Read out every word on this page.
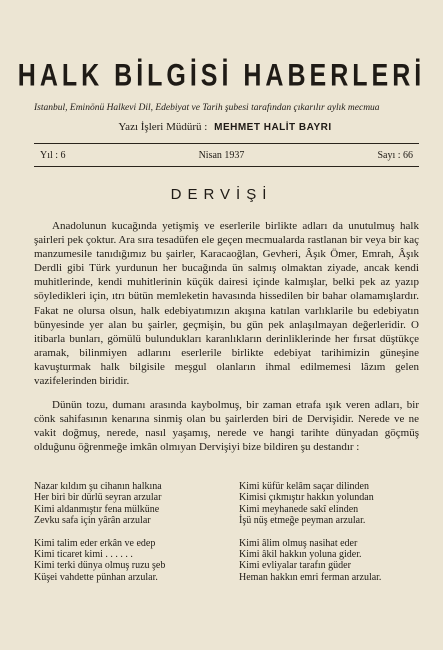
HALK BİLGİSİ HABERLERİ
İstanbul, Eminönü Halkevi Dil, Edebiyat ve Tarih şubesi tarafından çıkarılır aylık mecmua
Yazı İşleri Müdürü : MEHMET HALİT BAYRI
Yıl : 6	Nisan 1937	Sayı : 66
DERVİŞİ

Anadolunun kucağında yetişmiş ve eserlerile birlikte adları da unutulmuş halk şairleri pek çoktur. Ara sıra tesadüfen ele geçen mecmualarda rastlanan bir veya bir kaç manzumesile tanıdığımız bu şairler, Karacaoğlan, Gevheri, Âşık Ömer, Emrah, Âşık Derdli gibi Türk yurdunun her bucağında ün salmış olmaktan ziyade, ancak kendi muhitlerinde, kendi muhitlerinin küçük dairesi içinde kalmışlar, belki pek az yazıp söyledikleri için, ıtrı bütün memleketin havasında hissedilen bir bahar olamamışlardır. Fakat ne olursa olsun, halk edebiyatımızın akışına katılan varlıklarile bu edebiyatın bünyesinde yer alan bu şairler, geçmişin, bu gün pek anlaşılmayan değerleridir. O itibarla bunları, gömülü bulundukları karanlıkların derinliklerinde her fırsat düştükçe aramak, bilinmiyen adlarını eserlerile birlikte edebiyat tarihimizin güneşine kavuşturmak halk bilgisile meşgul olanların ihmal edilmemesi lâzım gelen vazifelerinden biridir.

Dünün tozu, dumanı arasında kaybolmuş, bir zaman etrafa ışık veren adları, bir cönk sahifasının kenarına sinmiş olan bu şairlerden biri de Dervişidir. Nerede ve ne vakit doğmuş, nerede, nasıl yaşamış, nerede ve hangi tarihte dünyadan göçmüş olduğunu öğrenmeğe imkân olmıyan Dervişiyi bize bildiren şu destandır :

Nazar kıldım şu cihanın halkına
Her biri bir dürlü seyran arzular
Kimi aldanmıştır fena mülküne
Zevku safa için yârân arzular
Kimi talim eder erkân ve edep
Kimi ticaret kimi . . . . . .
Kimi terki dünya olmuş ruzu şeb
Küşei vahdette pünhan arzular.
Kimi küfür kelâm saçar dilinden
Kimisi çıkmıştır hakkın yolundan
Kimi meyhanede sakî elinden
İşü nüş etmeğe peyman arzular.
Kimi âlim olmuş nasihat eder
Kimi âkil hakkın yoluna gider.
Kimi evliyalar tarafın güder
Heman hakkın emri ferman arzular.
